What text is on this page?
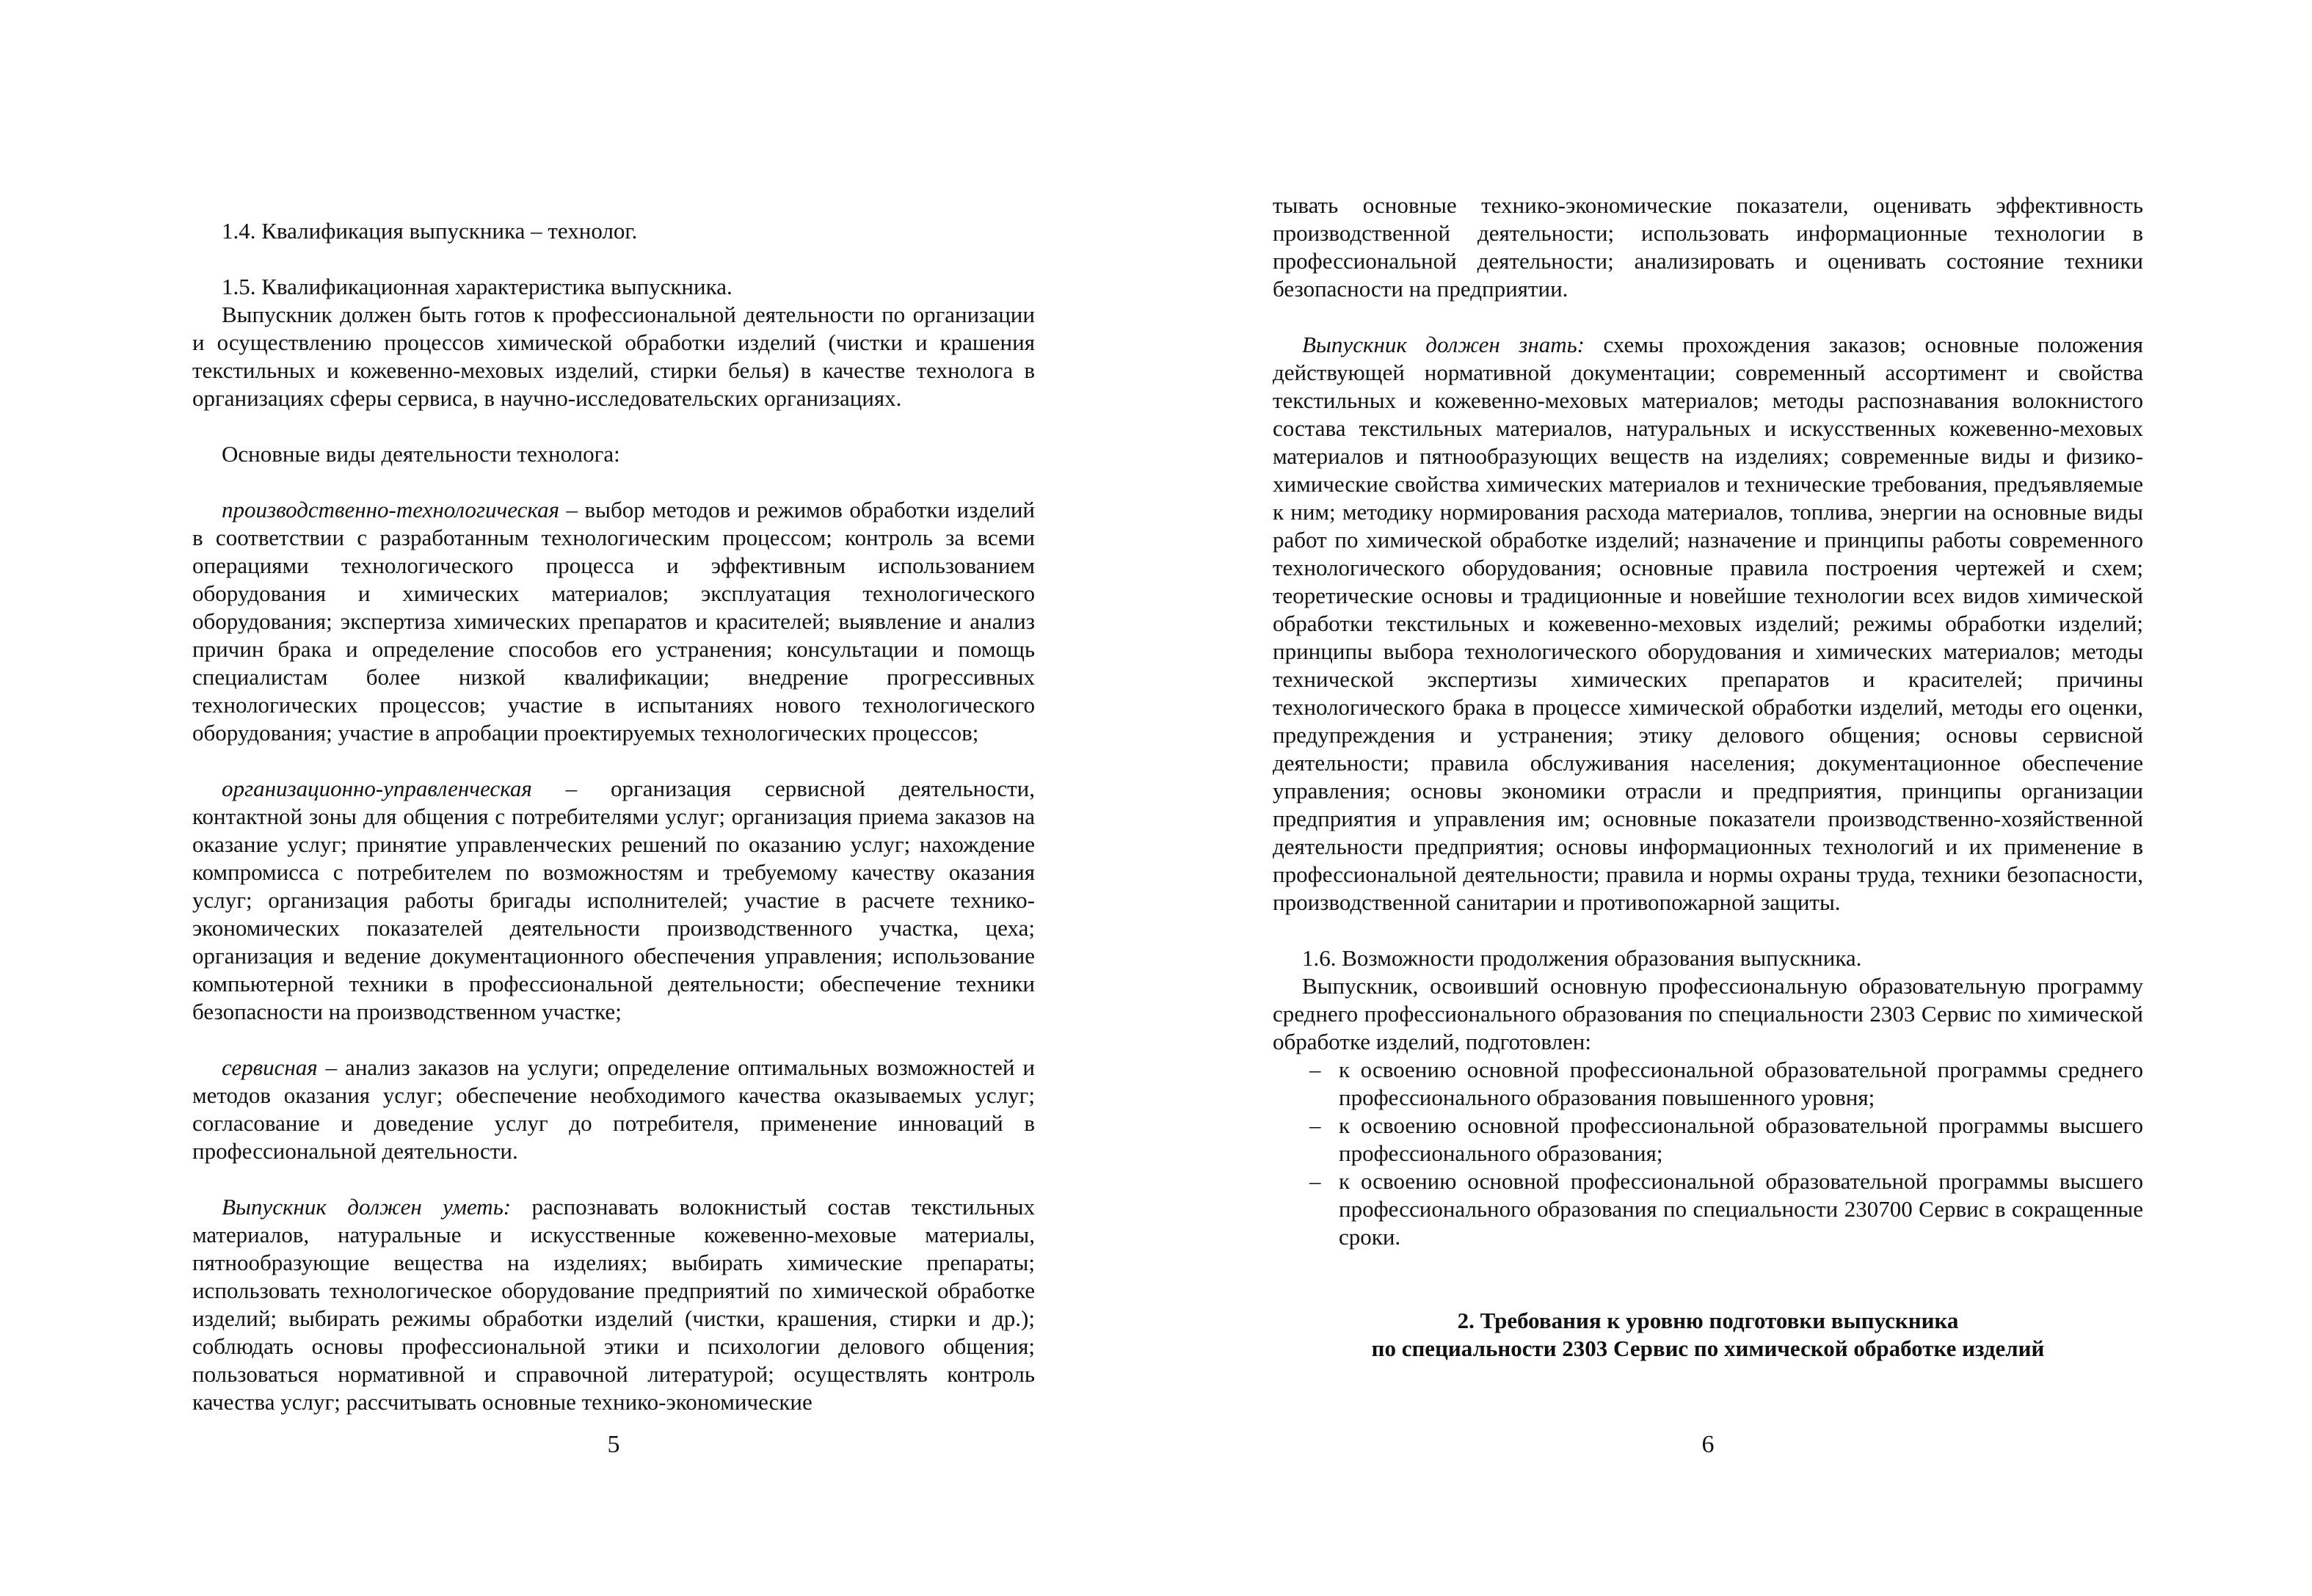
1.4. Квалификация выпускника – технолог.

1.5. Квалификационная характеристика выпускника.

Выпускник должен быть готов к профессиональной деятельности по организации и осуществлению процессов химической обработки изделий (чистки и крашения текстильных и кожевенно-меховых изделий, стирки белья) в качестве технолога в организациях сферы сервиса, в научно-исследовательских организациях.

Основные виды деятельности технолога:

производственно-технологическая – выбор методов и режимов обработки изделий в соответствии с разработанным технологическим процессом; контроль за всеми операциями технологического процесса и эффективным использованием оборудования и химических материалов; эксплуатация технологического оборудования; экспертиза химических препаратов и красителей; выявление и анализ причин брака и определение способов его устранения; консультации и помощь специалистам более низкой квалификации; внедрение прогрессивных технологических процессов; участие в испытаниях нового технологического оборудования; участие в апробации проектируемых технологических процессов;

организационно-управленческая – организация сервисной деятельности, контактной зоны для общения с потребителями услуг; организация приема заказов на оказание услуг; принятие управленческих решений по оказанию услуг; нахождение компромисса с потребителем по возможностям и требуемому качеству оказания услуг; организация работы бригады исполнителей; участие в расчете технико-экономических показателей деятельности производственного участка, цеха; организация и ведение документационного обеспечения управления; использование компьютерной техники в профессиональной деятельности; обеспечение техники безопасности на производственном участке;

сервисная – анализ заказов на услуги; определение оптимальных возможностей и методов оказания услуг; обеспечение необходимого качества оказываемых услуг; согласование и доведение услуг до потребителя, применение инноваций в профессиональной деятельности.

Выпускник должен уметь: распознавать волокнистый состав текстильных материалов, натуральные и искусственные кожевенно-меховые материалы, пятнообразующие вещества на изделиях; выбирать химические препараты; использовать технологическое оборудование предприятий по химической обработке изделий; выбирать режимы обработки изделий (чистки, крашения, стирки и др.); соблюдать основы профессиональной этики и психологии делового общения; пользоваться нормативной и справочной литературой; осуществлять контроль качества услуг; рассчитывать основные технико-экономические

5

тывать основные технико-экономические показатели, оценивать эффективность производственной деятельности; использовать информационные технологии в профессиональной деятельности; анализировать и оценивать состояние техники безопасности на предприятии.

Выпускник должен знать: схемы прохождения заказов; основные положения действующей нормативной документации; современный ассортимент и свойства текстильных и кожевенно-меховых материалов; методы распознавания волокнистого состава текстильных материалов, натуральных и искусственных кожевенно-меховых материалов и пятнообразующих веществ на изделиях; современные виды и физико-химические свойства химических материалов и технические требования, предъявляемые к ним; методику нормирования расхода материалов, топлива, энергии на основные виды работ по химической обработке изделий; назначение и принципы работы современного технологического оборудования; основные правила построения чертежей и схем; теоретические основы и традиционные и новейшие технологии всех видов химической обработки текстильных и кожевенно-меховых изделий; режимы обработки изделий; принципы выбора технологического оборудования и химических материалов; методы технической экспертизы химических препаратов и красителей; причины технологического брака в процессе химической обработки изделий, методы его оценки, предупреждения и устранения; этику делового общения; основы сервисной деятельности; правила обслуживания населения; документационное обеспечение управления; основы экономики отрасли и предприятия, принципы организации предприятия и управления им; основные показатели производственно-хозяйственной деятельности предприятия; основы информационных технологий и их применение в профессиональной деятельности; правила и нормы охраны труда, техники безопасности, производственной санитарии и противопожарной защиты.

1.6. Возможности продолжения образования выпускника.

Выпускник, освоивший основную профессиональную образовательную программу среднего профессионального образования по специальности 2303 Сервис по химической обработке изделий, подготовлен:

– к освоению основной профессиональной образовательной программы среднего профессионального образования повышенного уровня;
– к освоению основной профессиональной образовательной программы высшего профессионального образования;
– к освоению основной профессиональной образовательной программы высшего профессионального образования по специальности 230700 Сервис в сокращенные сроки.

2. Требования к уровню подготовки выпускника

по специальности 2303 Сервис по химической обработке изделий

6
